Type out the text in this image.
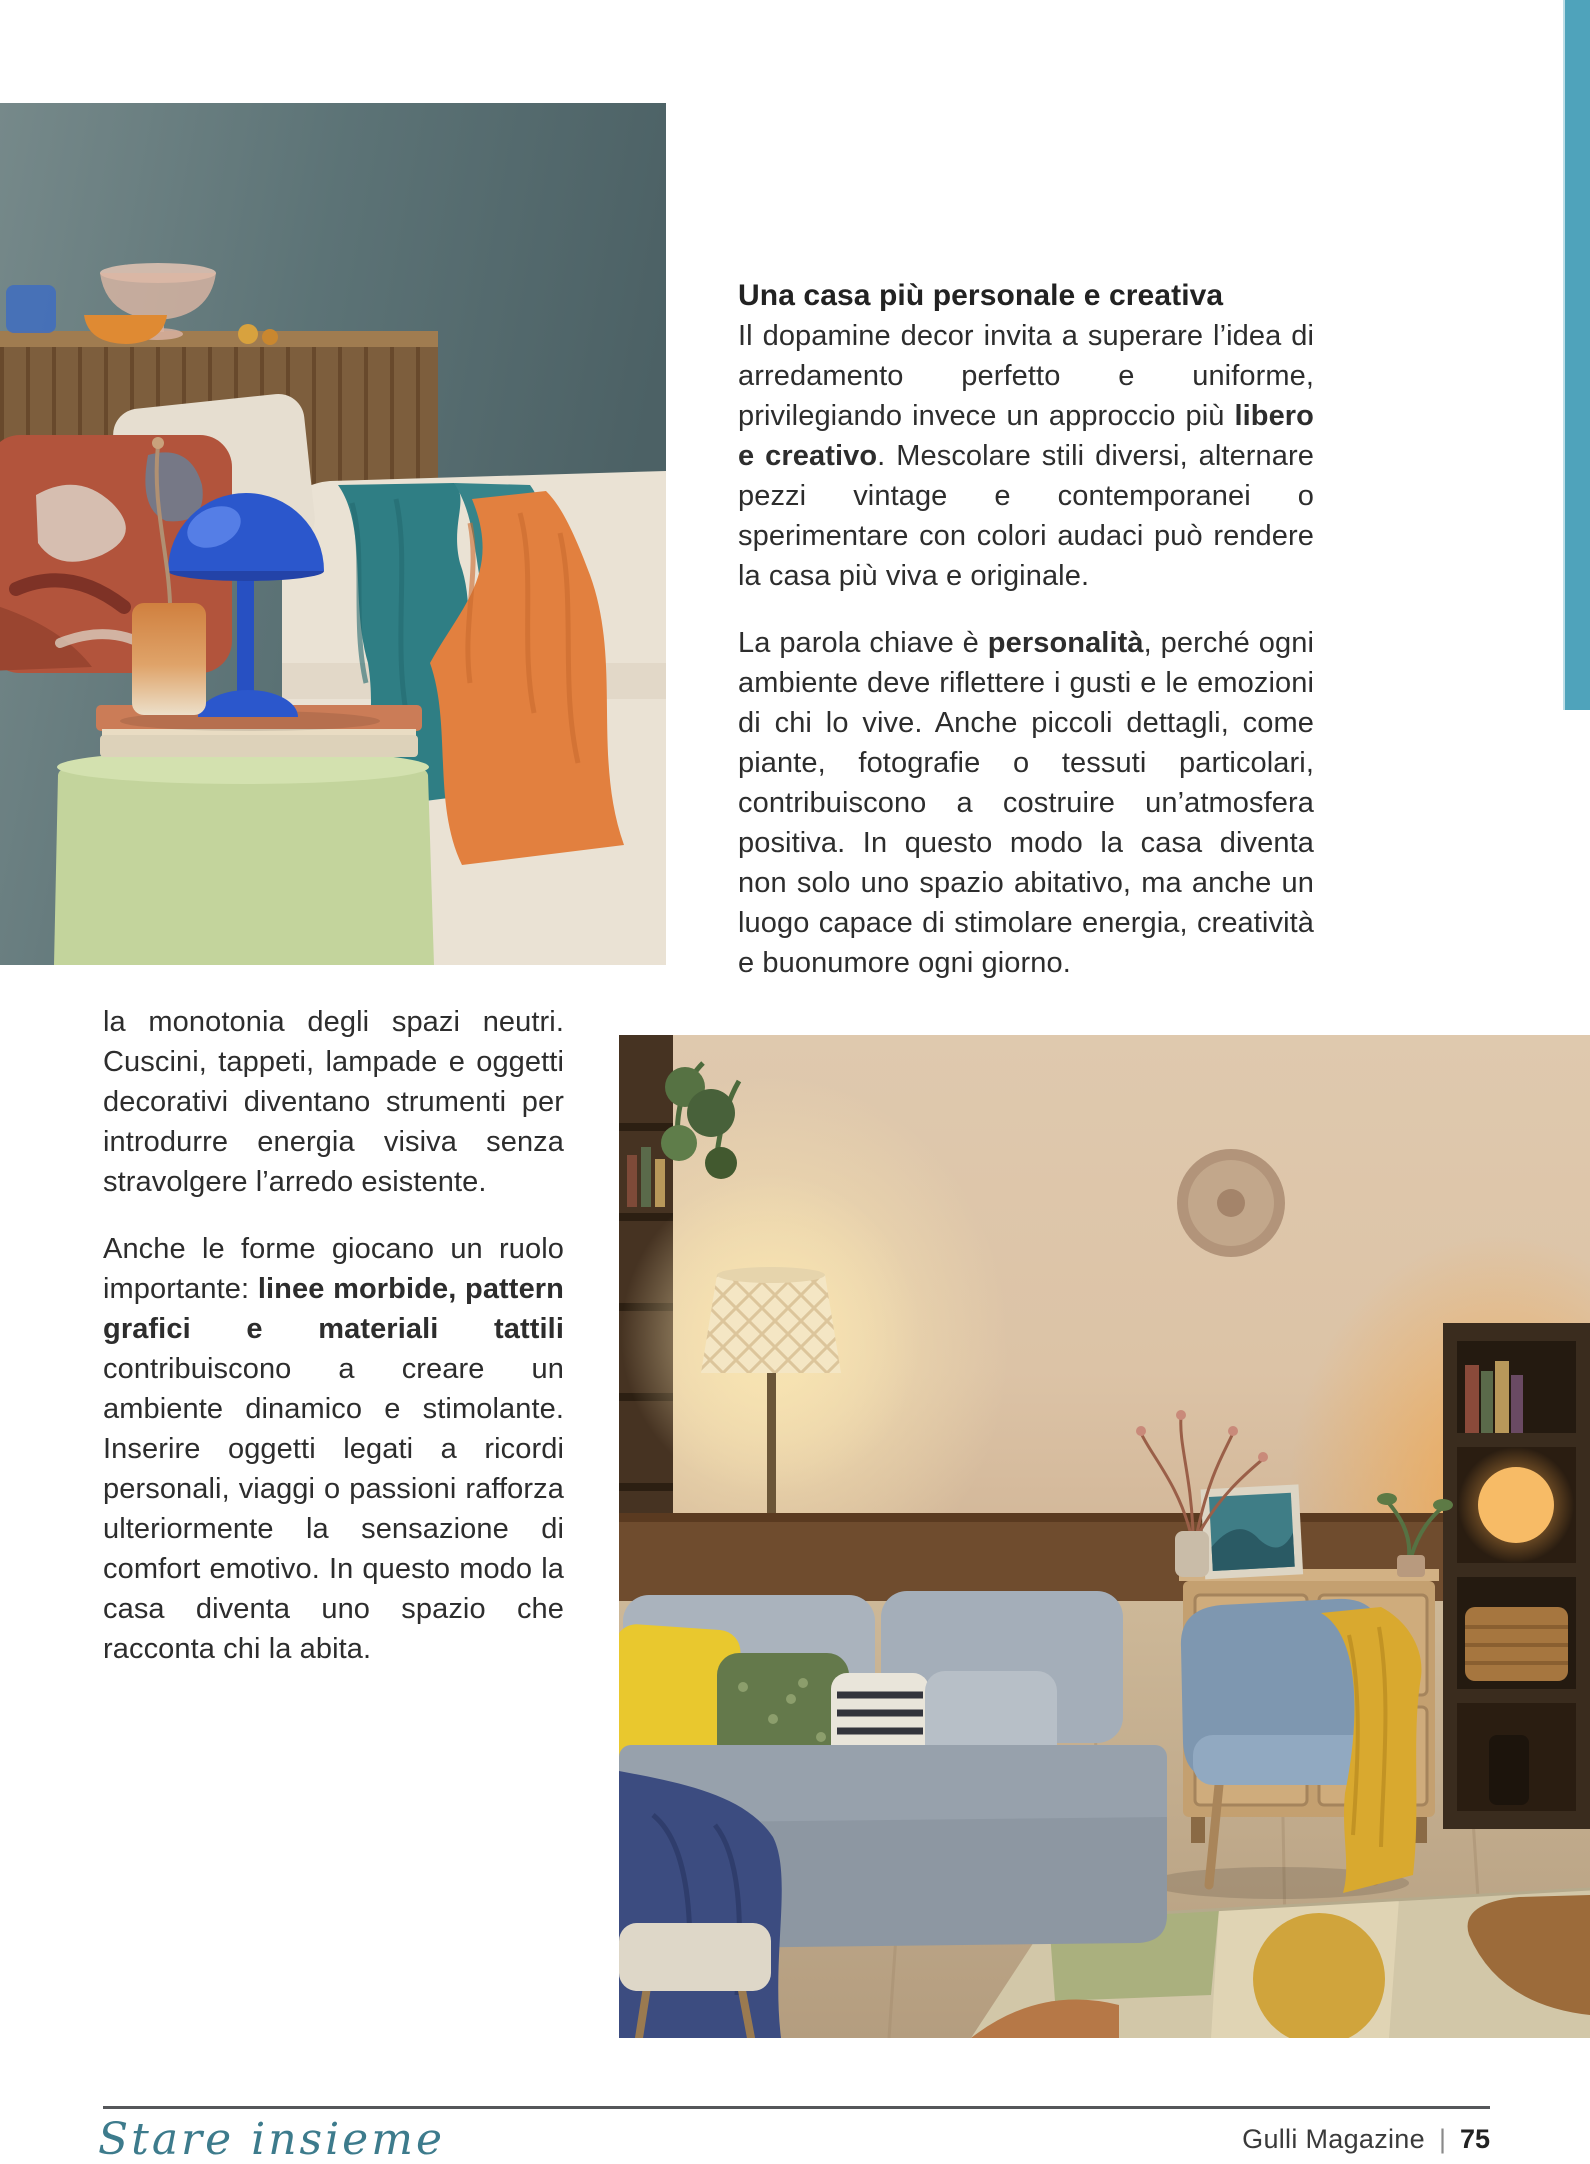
Una casa più personale e creativa

Il dopamine decor invita a superare l’idea di arredamento perfetto e uniforme, privilegiando invece un approccio più libero e creativo. Mescolare stili diversi, alternare pezzi vintage e contemporanei o sperimentare con colori audaci può rendere la casa più viva e originale.

La parola chiave è personalità, perché ogni ambiente deve riflettere i gusti e le emozioni di chi lo vive. Anche piccoli dettagli, come piante, fotografie o tessuti particolari, contribuiscono a costruire un’atmosfera positiva. In questo modo la casa diventa non solo uno spazio abitativo, ma anche un luogo capace di stimolare energia, creatività e buonumore ogni giorno.

la monotonia degli spazi neutri. Cuscini, tappeti, lampade e oggetti decorativi diventano strumenti per introdurre energia visiva senza stravolgere l’arredo esistente.

Anche le forme giocano un ruolo importante: linee morbide, pattern grafici e materiali tattili contribuiscono a creare un ambiente dinamico e stimolante. Inserire oggetti legati a ricordi personali, viaggi o passioni rafforza ulteriormente la sensazione di comfort emotivo. In questo modo la casa diventa uno spazio che racconta chi la abita.

Stare insieme	Gulli Magazine | 75
